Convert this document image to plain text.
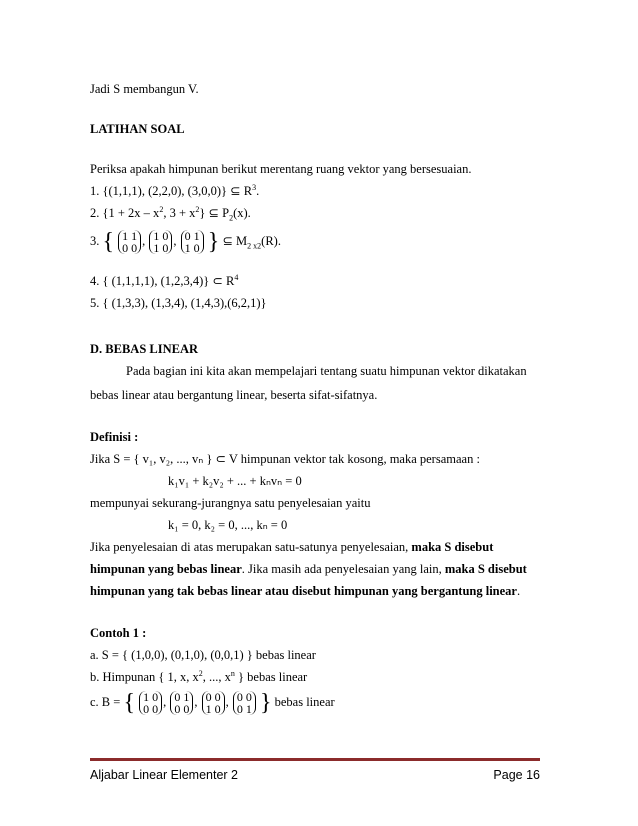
Jadi S membangun V.
LATIHAN SOAL
Periksa apakah himpunan berikut merentang ruang vektor yang bersesuaian.
1. {(1,1,1), (2,2,0), (3,0,0)} ⊆ $R^3$.
2. {$1 + 2x - x^2$, $3 + x^2$} ⊆ $P_2(x)$.
3. { 1 1
0 0
, 1 0
1 0
, 0 1
1 0 } ⊆ $M_{2 x2}(R)$.
4. { (1,1,1,1), (1,2,3,4)} ⊂ $R^4$
5. { (1,3,3), (1,3,4), (1,4,3),(6,2,1)}
D. BEBAS LINEAR
Pada bagian ini kita akan mempelajari tentang suatu himpunan vektor dikatakan
bebas linear atau bergantung linear, beserta sifat-sifatnya.
Definisi :
Jika S = { v₁, v₂, ..., vₙ } ⊂ V himpunan vektor tak kosong, maka persamaan :
k₁v₁ + k₂v₂ + ... + kₙvₙ = 0
mempunyai sekurang-jurangnya satu penyelesaian yaitu
k₁ = 0, k₂ = 0, ..., kₙ = 0
Jika penyelesaian di atas merupakan satu-satunya penyelesaian, maka S disebut
himpunan yang bebas linear. Jika masih ada penyelesaian yang lain, maka S disebut
himpunan yang tak bebas linear atau disebut himpunan yang bergantung linear.
Contoh 1 :
a. S = { (1,0,0), (0,1,0), (0,0,1) } bebas linear
b. Himpunan { 1, x, $x^2$, ..., $x^n$ } bebas linear
c. B = { 1 0
0 0
, 0 1
0 0
, 0 0
1 0
, 0 0
0 1 } bebas linear
Aljabar Linear Elementer 2	Page 16
